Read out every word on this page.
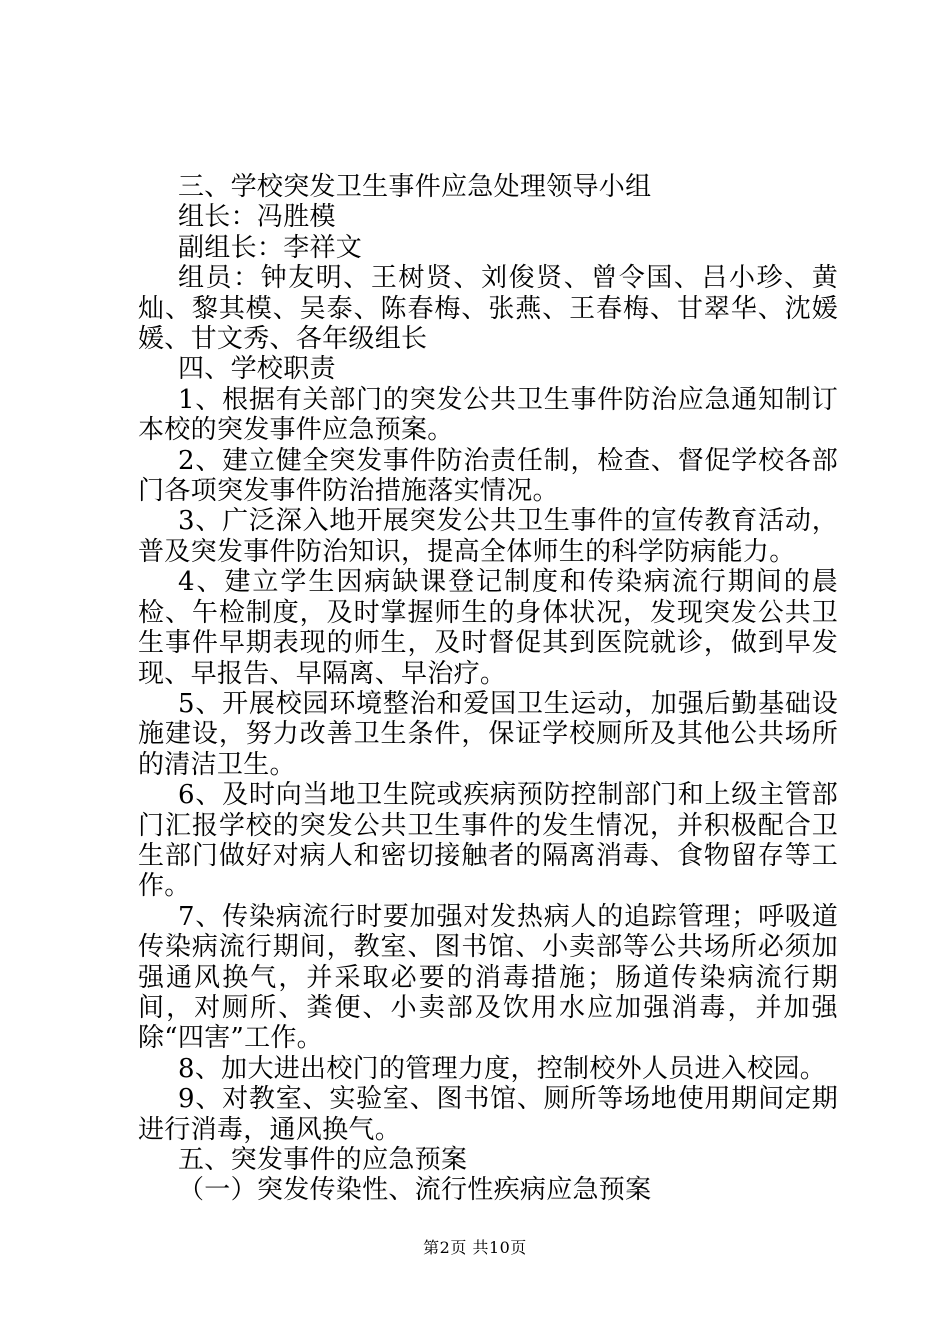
三、学校突发卫生事件应急处理领导小组

组长：冯胜模

副组长：李祥文

组员：钟友明、王树贤、刘俊贤、曾令国、吕小珍、黄灿、黎其模、吴泰、陈春梅、张燕、王春梅、甘翠华、沈媛媛、甘文秀、各年级组长

四、学校职责

1、根据有关部门的突发公共卫生事件防治应急通知制订本校的突发事件应急预案。

2、建立健全突发事件防治责任制，检查、督促学校各部门各项突发事件防治措施落实情况。

3、广泛深入地开展突发公共卫生事件的宣传教育活动，普及突发事件防治知识，提高全体师生的科学防病能力。

4、建立学生因病缺课登记制度和传染病流行期间的晨检、午检制度，及时掌握师生的身体状况，发现突发公共卫生事件早期表现的师生，及时督促其到医院就诊，做到早发现、早报告、早隔离、早治疗。

5、开展校园环境整治和爱国卫生运动，加强后勤基础设施建设，努力改善卫生条件，保证学校厕所及其他公共场所的清洁卫生。

6、及时向当地卫生院或疾病预防控制部门和上级主管部门汇报学校的突发公共卫生事件的发生情况，并积极配合卫生部门做好对病人和密切接触者的隔离消毒、食物留存等工作。

7、传染病流行时要加强对发热病人的追踪管理；呼吸道传染病流行期间，教室、图书馆、小卖部等公共场所必须加强通风换气，并采取必要的消毒措施；肠道传染病流行期间，对厕所、粪便、小卖部及饮用水应加强消毒，并加强除“四害”工作。

8、加大进出校门的管理力度，控制校外人员进入校园。

9、对教室、实验室、图书馆、厕所等场地使用期间定期进行消毒，通风换气。

五、突发事件的应急预案

（一）突发传染性、流行性疾病应急预案

第2页 共10页
